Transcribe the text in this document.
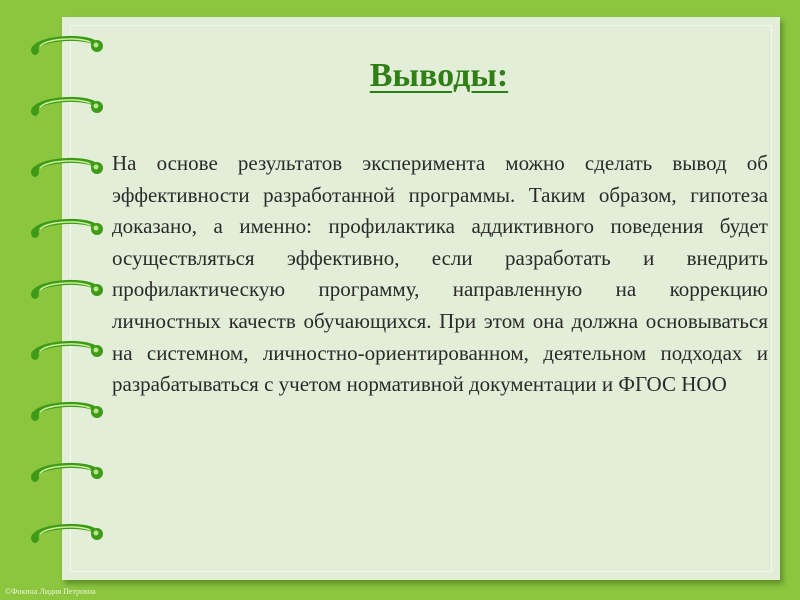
Выводы:

На основе результатов эксперимента можно сделать вывод об эффективности разработанной программы. Таким образом, гипотеза доказано, а именно: профилактика аддиктивного поведения будет осуществляться эффективно, если разработать и внедрить профилактическую программу, направленную на коррекцию личностных качеств обучающихся. При этом она должна основываться на системном, личностно-ориентированном, деятельном подходах и разрабатываться с учетом нормативной документации и ФГОС НОО

©Фокина Лидия Петровна
